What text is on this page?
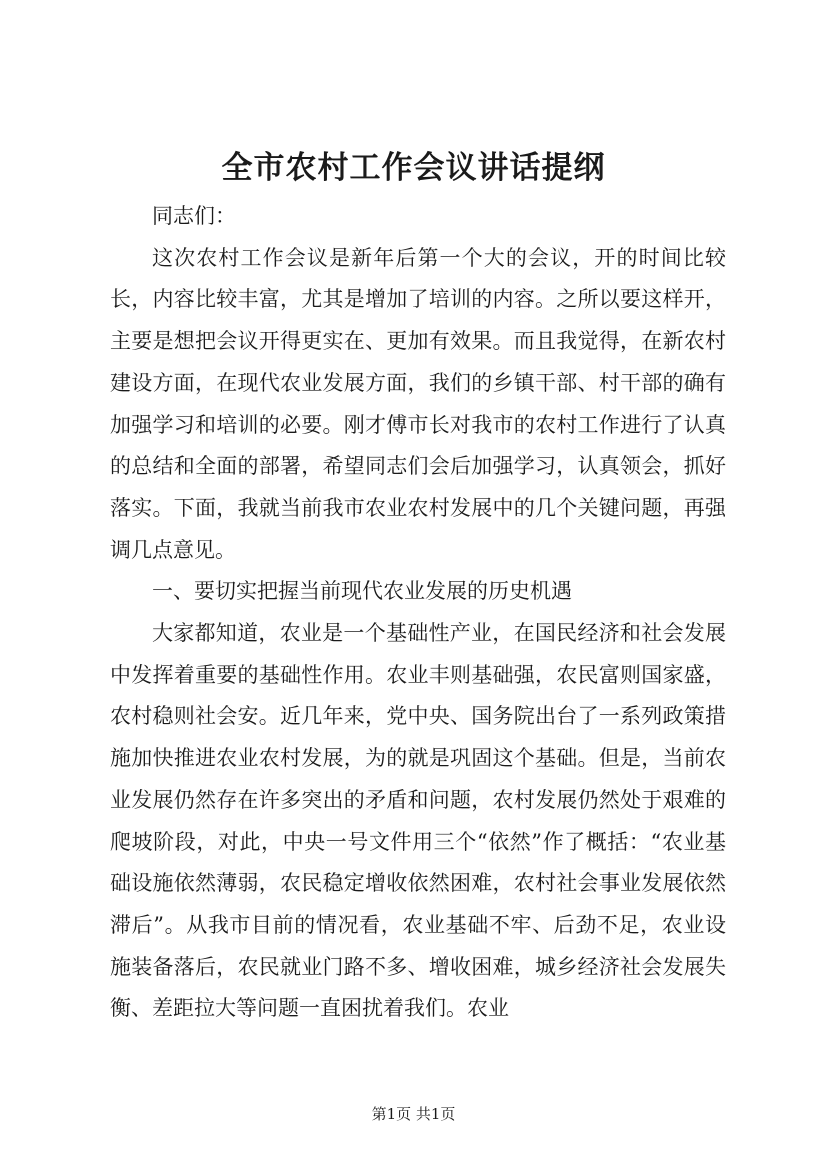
全市农村工作会议讲话提纲

同志们：

这次农村工作会议是新年后第一个大的会议，开的时间比较长，内容比较丰富，尤其是增加了培训的内容。之所以要这样开，主要是想把会议开得更实在、更加有效果。而且我觉得，在新农村建设方面，在现代农业发展方面，我们的乡镇干部、村干部的确有加强学习和培训的必要。刚才傅市长对我市的农村工作进行了认真的总结和全面的部署，希望同志们会后加强学习，认真领会，抓好落实。下面，我就当前我市农业农村发展中的几个关键问题，再强调几点意见。

一、要切实把握当前现代农业发展的历史机遇

大家都知道，农业是一个基础性产业，在国民经济和社会发展中发挥着重要的基础性作用。农业丰则基础强，农民富则国家盛，农村稳则社会安。近几年来，党中央、国务院出台了一系列政策措施加快推进农业农村发展，为的就是巩固这个基础。但是，当前农业发展仍然存在许多突出的矛盾和问题，农村发展仍然处于艰难的爬坡阶段，对此，中央一号文件用三个“依然”作了概括：“农业基础设施依然薄弱，农民稳定增收依然困难，农村社会事业发展依然滞后”。从我市目前的情况看，农业基础不牢、后劲不足，农业设施装备落后，农民就业门路不多、增收困难，城乡经济社会发展失衡、差距拉大等问题一直困扰着我们。农业

第1页 共1页
